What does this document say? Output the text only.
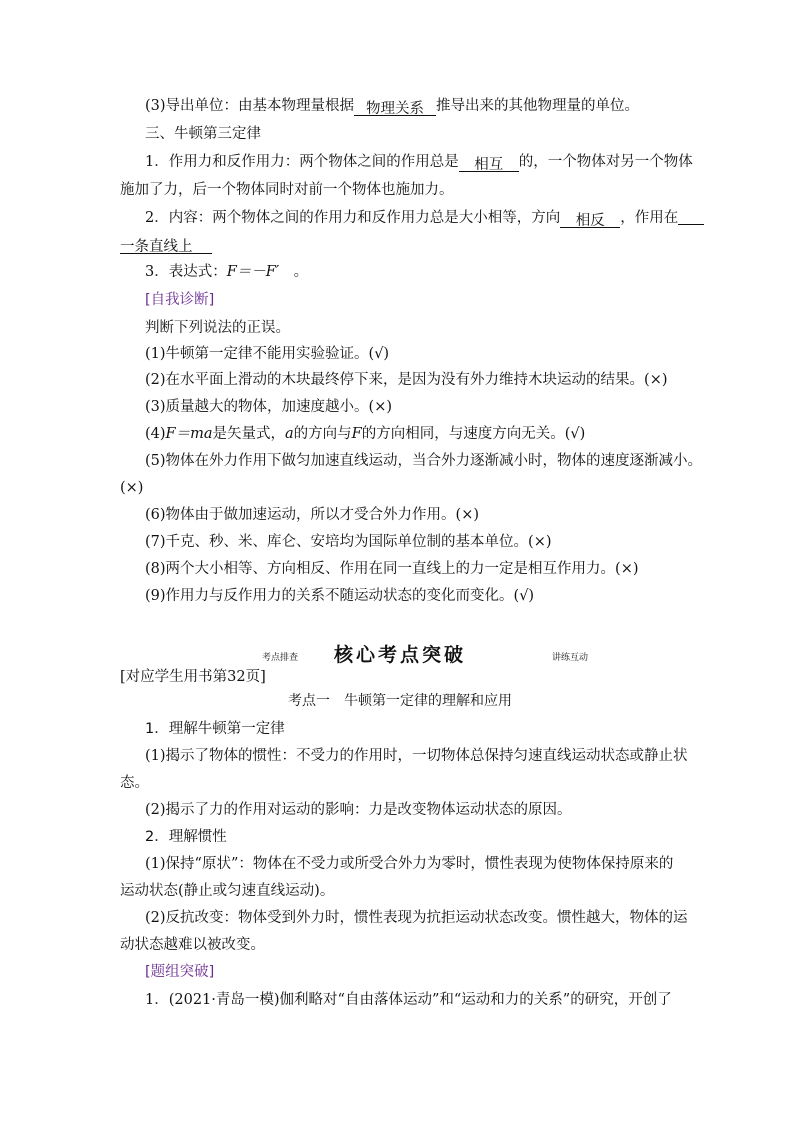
(3)导出单位：由基本物理量根据 物理关系 推导出来的其他物理量的单位。
三、牛顿第三定律
1．作用力和反作用力：两个物体之间的作用总是 相互 的，一个物体对另一个物体
施加了力，后一个物体同时对前一个物体也施加力。
2．内容：两个物体之间的作用力和反作用力总是大小相等，方向 相反 ，作用在
一条直线上
3．表达式：F＝－F′　 。
[自我诊断]
判断下列说法的正误。
(1)牛顿第一定律不能用实验验证。(√)
(2)在水平面上滑动的木块最终停下来，是因为没有外力维持木块运动的结果。(×)
(3)质量越大的物体，加速度越小。(×)
(4)F＝ma是矢量式，a的方向与F的方向相同，与速度方向无关。(√)
(5)物体在外力作用下做匀加速直线运动，当合外力逐渐减小时，物体的速度逐渐减小。
(×)
(6)物体由于做加速运动，所以才受合外力作用。(×)
(7)千克、秒、米、库仑、安培均为国际单位制的基本单位。(×)
(8)两个大小相等、方向相反、作用在同一直线上的力一定是相互作用力。(×)
(9)作用力与反作用力的关系不随运动状态的变化而变化。(√)
考点排查	核心考点突破	讲练互动
[对应学生用书第32页]
考点一　牛顿第一定律的理解和应用
1．理解牛顿第一定律
(1)揭示了物体的惯性：不受力的作用时，一切物体总保持匀速直线运动状态或静止状
态。
(2)揭示了力的作用对运动的影响：力是改变物体运动状态的原因。
2．理解惯性
(1)保持“原状”：物体在不受力或所受合外力为零时，惯性表现为使物体保持原来的
运动状态(静止或匀速直线运动)。
(2)反抗改变：物体受到外力时，惯性表现为抗拒运动状态改变。惯性越大，物体的运
动状态越难以被改变。
[题组突破]
1．(2021·青岛一模)伽利略对“自由落体运动”和“运动和力的关系”的研究，开创了
